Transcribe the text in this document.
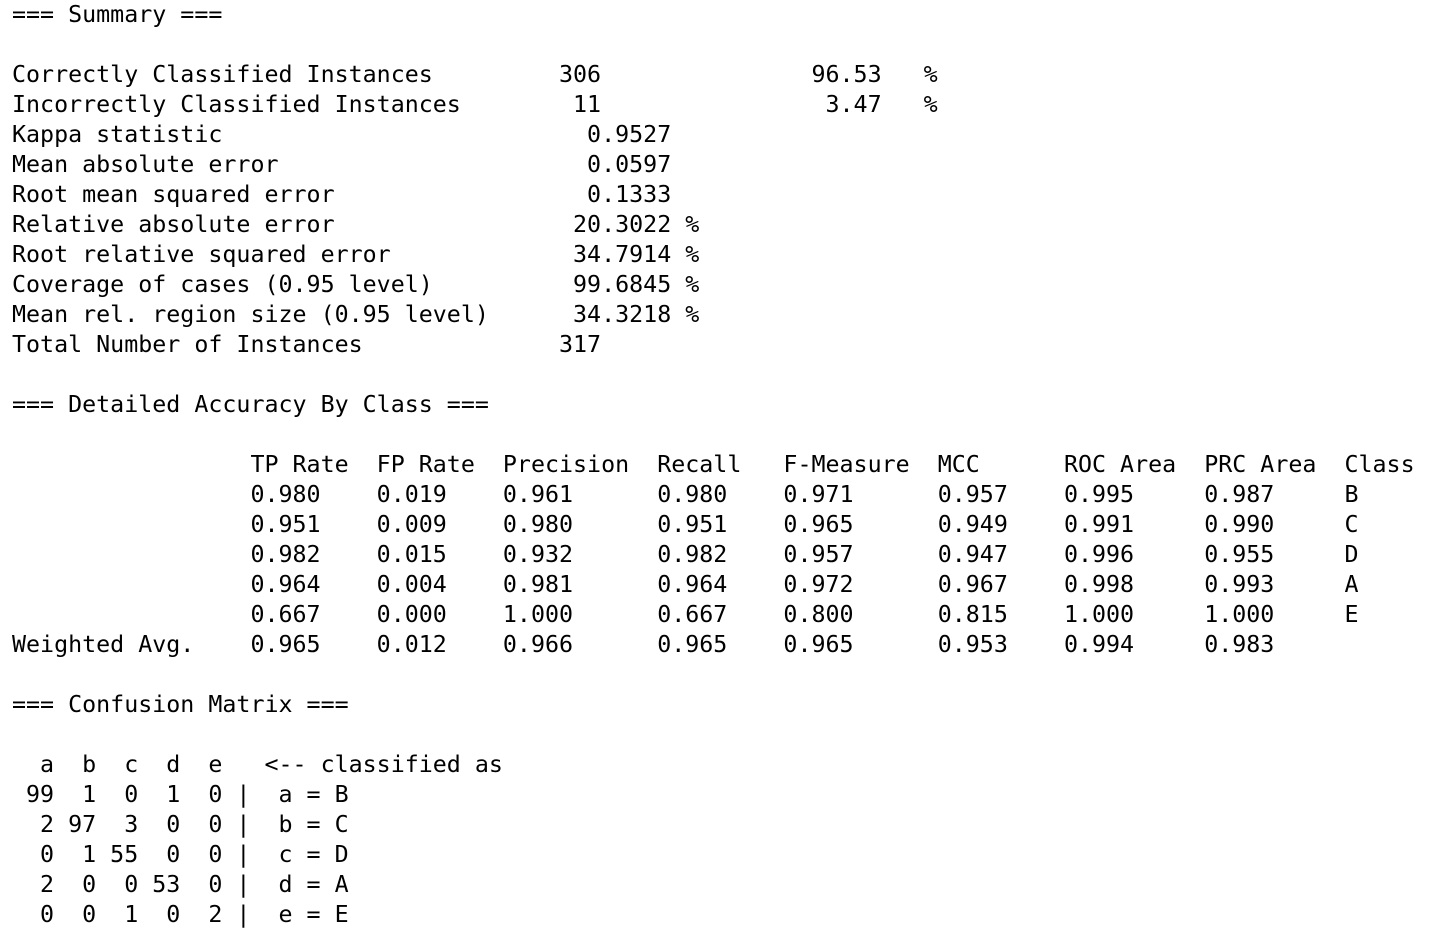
=== Summary ===
Correctly Classified Instances         306               96.53   %
Incorrectly Classified Instances        11                3.47   %
Kappa statistic                          0.9527
Mean absolute error                      0.0597
Root mean squared error                  0.1333
Relative absolute error                 20.3022 %
Root relative squared error             34.7914 %
Coverage of cases (0.95 level)          99.6845 %
Mean rel. region size (0.95 level)      34.3218 %
Total Number of Instances              317
=== Detailed Accuracy By Class ===
TP Rate  FP Rate  Precision  Recall   F-Measure  MCC      ROC Area  PRC Area  Class
0.980    0.019    0.961      0.980    0.971      0.957    0.995     0.987     B
0.951    0.009    0.980      0.951    0.965      0.949    0.991     0.990     C
0.982    0.015    0.932      0.982    0.957      0.947    0.996     0.955     D
0.964    0.004    0.981      0.964    0.972      0.967    0.998     0.993     A
0.667    0.000    1.000      0.667    0.800      0.815    1.000     1.000     E
Weighted Avg.    0.965    0.012    0.966      0.965    0.965      0.953    0.994     0.983
=== Confusion Matrix ===
a  b  c  d  e   <-- classified as
99  1  0  1  0 |  a = B
2 97  3  0  0 |  b = C
0  1 55  0  0 |  c = D
2  0  0 53  0 |  d = A
0  0  1  0  2 |  e = E
